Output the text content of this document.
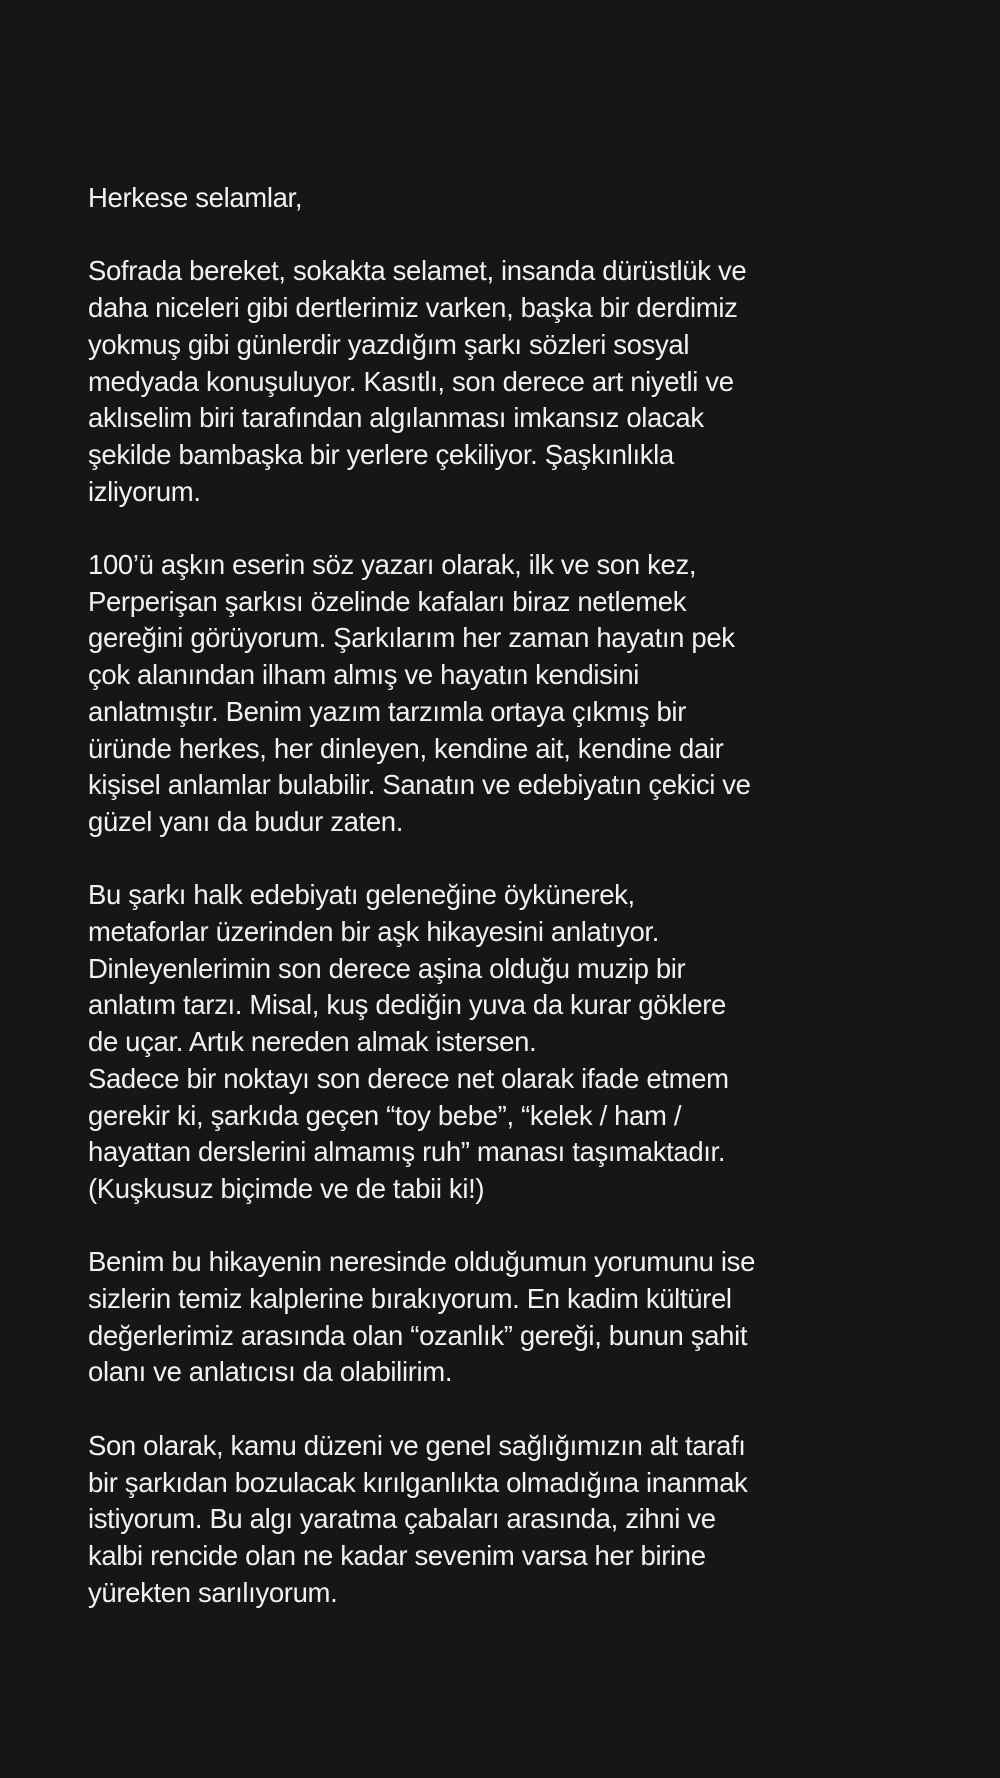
Herkese selamlar,

Sofrada bereket, sokakta selamet, insanda dürüstlük ve
daha niceleri gibi dertlerimiz varken, başka bir derdimiz
yokmuş gibi günlerdir yazdığım şarkı sözleri sosyal
medyada konuşuluyor. Kasıtlı, son derece art niyetli ve
aklıselim biri tarafından algılanması imkansız olacak
şekilde bambaşka bir yerlere çekiliyor. Şaşkınlıkla
izliyorum.

100’ü aşkın eserin söz yazarı olarak, ilk ve son kez,
Perperişan şarkısı özelinde kafaları biraz netlemek
gereğini görüyorum. Şarkılarım her zaman hayatın pek
çok alanından ilham almış ve hayatın kendisini
anlatmıştır. Benim yazım tarzımla ortaya çıkmış bir
üründe herkes, her dinleyen, kendine ait, kendine dair
kişisel anlamlar bulabilir. Sanatın ve edebiyatın çekici ve
güzel yanı da budur zaten.

Bu şarkı halk edebiyatı geleneğine öykünerek,
metaforlar üzerinden bir aşk hikayesini anlatıyor.
Dinleyenlerimin son derece aşina olduğu muzip bir
anlatım tarzı. Misal, kuş dediğin yuva da kurar göklere
de uçar. Artık nereden almak istersen.
Sadece bir noktayı son derece net olarak ifade etmem
gerekir ki, şarkıda geçen “toy bebe”, “kelek / ham /
hayattan derslerini almamış ruh” manası taşımaktadır.
(Kuşkusuz biçimde ve de tabii ki!)

Benim bu hikayenin neresinde olduğumun yorumunu ise
sizlerin temiz kalplerine bırakıyorum. En kadim kültürel
değerlerimiz arasında olan “ozanlık” gereği, bunun şahit
olanı ve anlatıcısı da olabilirim.

Son olarak, kamu düzeni ve genel sağlığımızın alt tarafı
bir şarkıdan bozulacak kırılganlıkta olmadığına inanmak
istiyorum. Bu algı yaratma çabaları arasında, zihni ve
kalbi rencide olan ne kadar sevenim varsa her birine
yürekten sarılıyorum.
